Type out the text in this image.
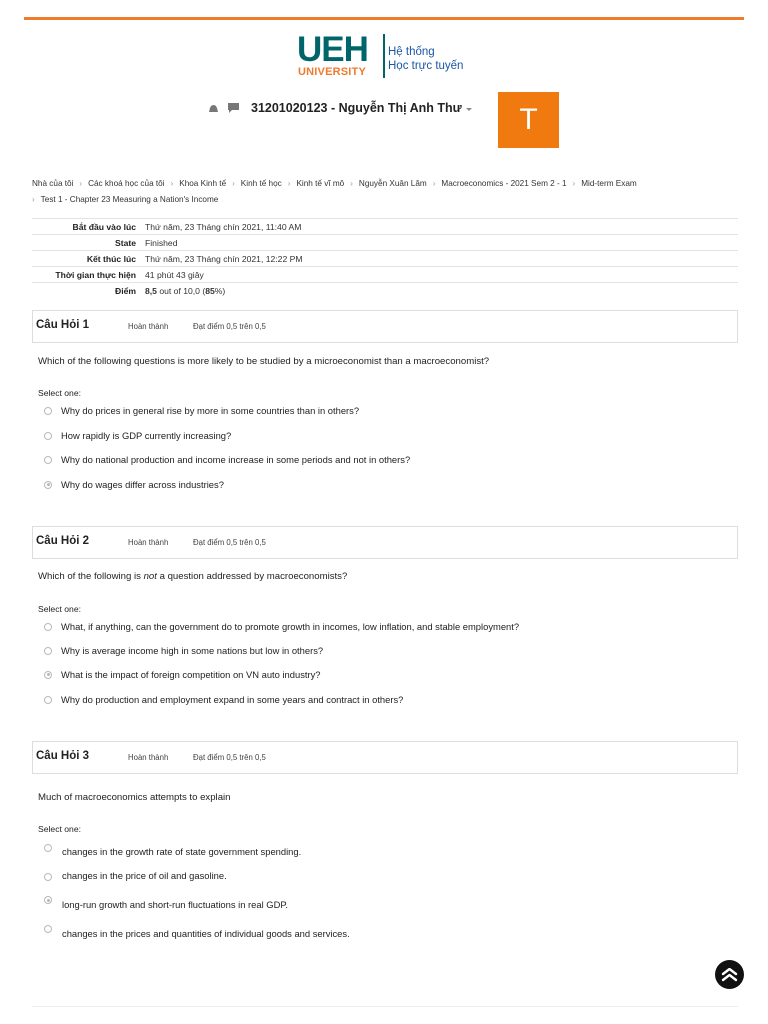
UEH
UNIVERSITY
Hệ thống
Học trực tuyến
31201020123 - Nguyễn Thị Anh Thư	T
Nhà của tôi › Các khoá học của tôi › Khoa Kinh tế › Kinh tế học › Kinh tế vĩ mô › Nguyễn Xuân Lâm › Macroeconomics - 2021 Sem 2 - 1 › Mid-term Exam
› Test 1 - Chapter 23 Measuring a Nation's Income
Bắt đầu vào lúc	Thứ năm, 23 Tháng chín 2021, 11:40 AM
State	Finished
Kết thúc lúc	Thứ năm, 23 Tháng chín 2021, 12:22 PM
Thời gian thực hiện	41 phút 43 giây
Điểm	8,5 out of 10,0 (85%)
Câu Hỏi 1	Hoàn thành	Đạt điểm 0,5 trên 0,5
Which of the following questions is more likely to be studied by a microeconomist than a macroeconomist?
Select one:
Why do prices in general rise by more in some countries than in others?
How rapidly is GDP currently increasing?
Why do national production and income increase in some periods and not in others?
Why do wages differ across industries?
Câu Hỏi 2	Hoàn thành	Đạt điểm 0,5 trên 0,5
Which of the following is not a question addressed by macroeconomists?
Select one:
What, if anything, can the government do to promote growth in incomes, low inflation, and stable employment?
Why is average income high in some nations but low in others?
What is the impact of foreign competition on VN auto industry?
Why do production and employment expand in some years and contract in others?
Câu Hỏi 3	Hoàn thành	Đạt điểm 0,5 trên 0,5
Much of macroeconomics attempts to explain
Select one:
changes in the growth rate of state government spending.
changes in the price of oil and gasoline.
long-run growth and short-run fluctuations in real GDP.
changes in the prices and quantities of individual goods and services.
